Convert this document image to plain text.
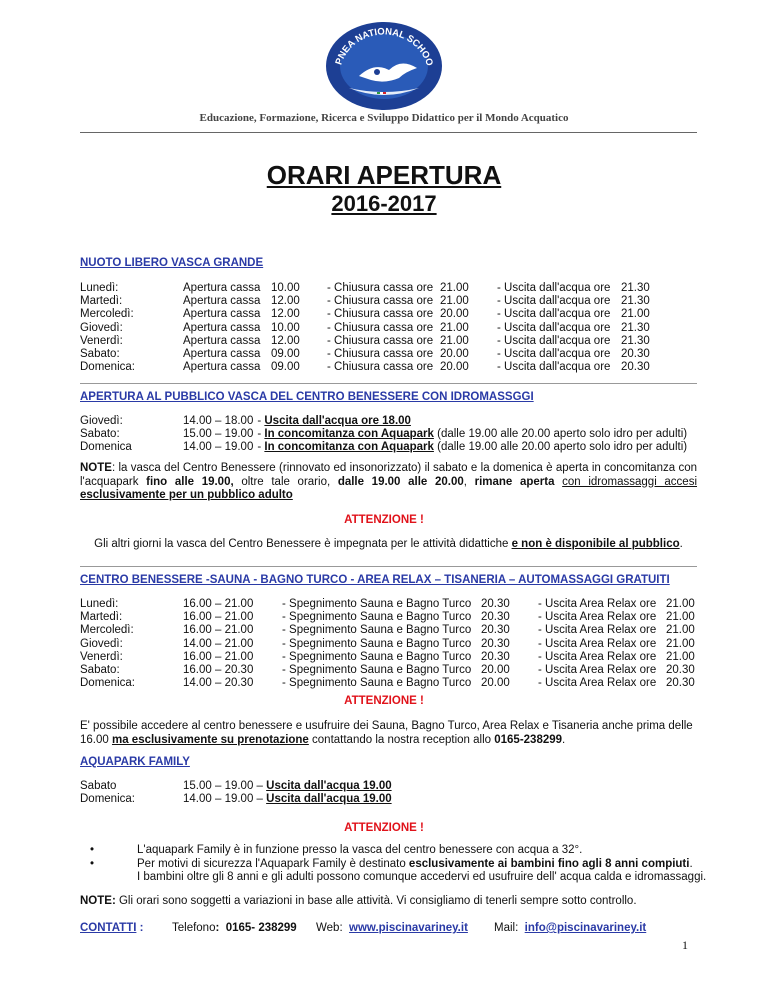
PNEA NATIONAL SCHOO
Educazione, Formazione, Ricerca e Sviluppo Didattico per il Mondo Acquatico
ORARI APERTURA
2016-2017
NUOTO LIBERO VASCA GRANDE
Lunedì:	Apertura cassa 10.00 - Chiusura cassa ore 21.00 - Uscita dall'acqua ore 21.30
Martedì:	Apertura cassa 12.00 - Chiusura cassa ore 21.00 - Uscita dall'acqua ore 21.30
Mercoledì:	Apertura cassa 12.00 - Chiusura cassa ore 20.00 - Uscita dall'acqua ore 21.00
Giovedì:	Apertura cassa 10.00 - Chiusura cassa ore 21.00 - Uscita dall'acqua ore 21.30
Venerdì:	Apertura cassa 12.00 - Chiusura cassa ore 21.00 - Uscita dall'acqua ore 21.30
Sabato:	Apertura cassa 09.00 - Chiusura cassa ore 20.00 - Uscita dall'acqua ore 20.30
Domenica:	Apertura cassa 09.00 - Chiusura cassa ore 20.00 - Uscita dall'acqua ore 20.30
APERTURA AL PUBBLICO VASCA DEL CENTRO BENESSERE CON IDROMASSGGI
Giovedì:	14.00 – 18.00 - Uscita dall'acqua ore 18.00
Sabato:	15.00 – 19.00 - In concomitanza con Aquapark (dalle 19.00 alle 20.00 aperto solo idro per adulti)
Domenica	14.00 – 19.00 - In concomitanza con Aquapark (dalle 19.00 alle 20.00 aperto solo idro per adulti)
NOTE: la vasca del Centro Benessere (rinnovato ed insonorizzato) il sabato e la domenica è aperta in concomitanza con l'acquapark fino alle 19.00, oltre tale orario, dalle 19.00 alle 20.00, rimane aperta con idromassaggi accesi esclusivamente per un pubblico adulto
ATTENZIONE !
Gli altri giorni la vasca del Centro Benessere è impegnata per le attività didattiche e non è disponibile al pubblico.
CENTRO BENESSERE -SAUNA - BAGNO TURCO - AREA RELAX – TISANERIA – AUTOMASSAGGI GRATUITI
Lunedì:	16.00 – 21.00 - Spegnimento Sauna e Bagno Turco 20.30 - Uscita Area Relax ore 21.00
Martedì:	16.00 – 21.00 - Spegnimento Sauna e Bagno Turco 20.30 - Uscita Area Relax ore 21.00
Mercoledì:	16.00 – 21.00 - Spegnimento Sauna e Bagno Turco 20.30 - Uscita Area Relax ore 21.00
Giovedì:	14.00 – 21.00 - Spegnimento Sauna e Bagno Turco 20.30 - Uscita Area Relax ore 21.00
Venerdì:	16.00 – 21.00 - Spegnimento Sauna e Bagno Turco 20.30 - Uscita Area Relax ore 21.00
Sabato:	16.00 – 20.30 - Spegnimento Sauna e Bagno Turco 20.00 - Uscita Area Relax ore 20.30
Domenica:	14.00 – 20.30 - Spegnimento Sauna e Bagno Turco 20.00 - Uscita Area Relax ore 20.30
ATTENZIONE !
E' possibile accedere al centro benessere e usufruire dei Sauna, Bagno Turco, Area Relax e Tisaneria anche prima delle 16.00 ma esclusivamente su prenotazione contattando la nostra reception allo 0165-238299.
AQUAPARK FAMILY
Sabato	15.00 – 19.00 – Uscita dall'acqua 19.00
Domenica:	14.00 – 19.00 – Uscita dall'acqua 19.00
ATTENZIONE !
•	L'aquapark Family è in funzione presso la vasca del centro benessere con acqua a 32°.
•	Per motivi di sicurezza l'Aquapark Family è destinato esclusivamente ai bambini fino agli 8 anni compiuti.
I bambini oltre gli 8 anni e gli adulti possono comunque accedervi ed usufruire dell' acqua calda e idromassaggi.
NOTE: Gli orari sono soggetti a variazioni in base alle attività. Vi consigliamo di tenerli sempre sotto controllo.
CONTATTI : Telefono: 0165- 238299 Web: www.piscinavariney.it Mail: info@piscinavariney.it
1
